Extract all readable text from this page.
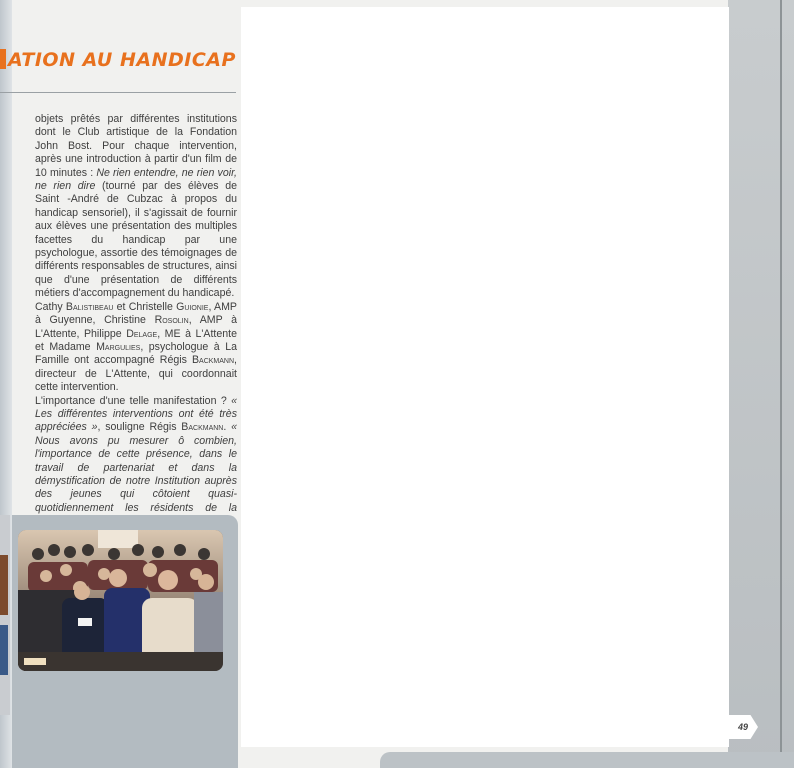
ATION AU HANDICAP

objets prêtés par différentes institutions dont le Club artistique de la Fondation John Bost. Pour chaque intervention, après une introduction à partir d'un film de 10 minutes : Ne rien entendre, ne rien voir, ne rien dire (tourné par des élèves de Saint -André de Cubzac à propos du handicap sensoriel), il s'agissait de fournir aux élèves une présentation des multiples facettes du handicap par une psychologue, assortie des témoignages de différents responsables de structures, ainsi que d'une présentation de différents métiers d'accompagnement du handicapé.

Cathy Balistibeau et Christelle Guionie, AMP à Guyenne, Christine Rosolin, AMP à L'Attente, Philippe Delage, ME à L'Attente et Madame Margulies, psychologue à La Famille ont accompagné Régis Backmann, directeur de L'Attente, qui coordonnait cette intervention.

L'importance d'une telle manifestation ? « Les différentes interventions ont été très appréciées », souligne Régis Backmann. « Nous avons pu mesurer ô combien, l'importance de cette présence, dans le travail de partenariat et dans la démystification de notre Institution auprès des jeunes qui côtoient quasi-quotidiennement les résidents de la

49
